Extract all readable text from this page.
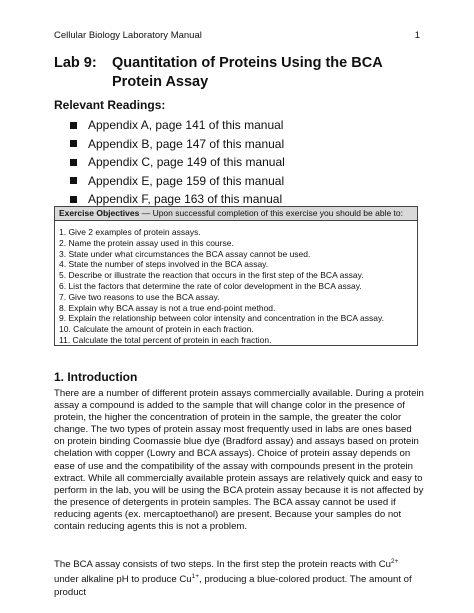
Cellular Biology Laboratory Manual	1
Lab 9:	Quantitation of Proteins Using the BCA Protein Assay
Relevant Readings:
Appendix A, page 141 of this manual
Appendix B, page 147 of this manual
Appendix C, page 149 of this manual
Appendix E, page 159 of this manual
Appendix F, page 163 of this manual
Exercise Objectives — Upon successful completion of this exercise you should be able to:
1. Give 2 examples of protein assays.
2. Name the protein assay used in this course.
3. State under what circumstances the BCA assay cannot be used.
4. State the number of steps involved in the BCA assay.
5. Describe or illustrate the reaction that occurs in the first step of the BCA assay.
6. List the factors that determine the rate of color development in the BCA assay.
7. Give two reasons to use the BCA assay.
8. Explain why BCA assay is not a true end-point method.
9. Explain the relationship between color intensity and concentration in the BCA assay.
10. Calculate the amount of protein in each fraction.
11. Calculate the total percent of protein in each fraction.
1. Introduction

There are a number of different protein assays commercially available. During a protein assay a compound is added to the sample that will change color in the presence of protein, the higher the concentration of protein in the sample, the greater the color change. The two types of protein assay most frequently used in labs are ones based on protein binding Coomassie blue dye (Bradford assay) and assays based on protein chelation with copper (Lowry and BCA assays). Choice of protein assay depends on ease of use and the compatibility of the assay with compounds present in the protein extract. While all commercially available protein assays are relatively quick and easy to perform in the lab, you will be using the BCA protein assay because it is not affected by the presence of detergents in protein samples. The BCA assay cannot be used if reducing agents (ex. mercaptoethanol) are present. Because your samples do not contain reducing agents this is not a problem.

The BCA assay consists of two steps. In the first step the protein reacts with $Cu^{2+}$ under alkaline pH to produce $Cu^{1+}$, producing a blue-colored product. The amount of product
